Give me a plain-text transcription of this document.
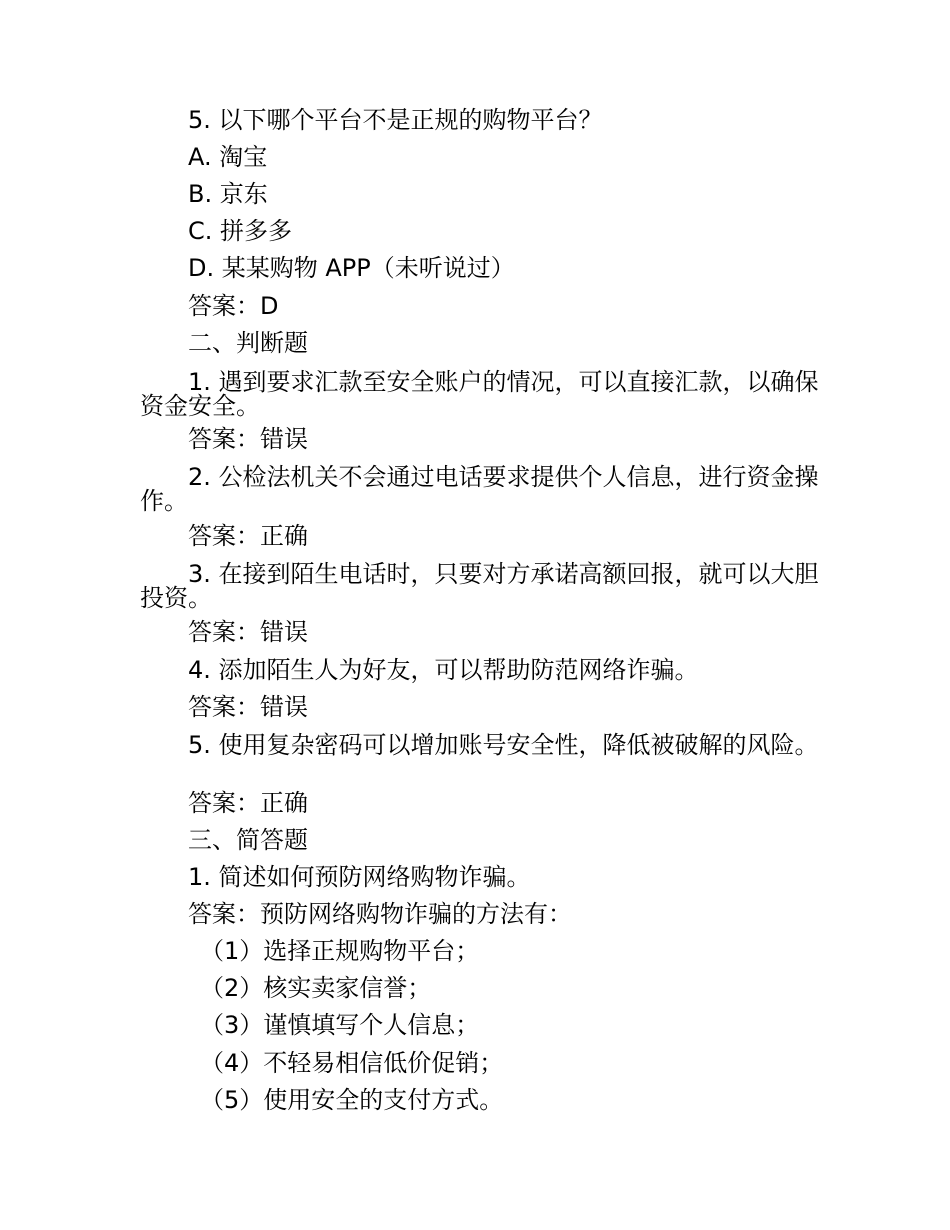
5. 以下哪个平台不是正规的购物平台？
A. 淘宝
B. 京东
C. 拼多多
D. 某某购物 APP（未听说过）
答案：D
二、判断题
1. 遇到要求汇款至安全账户的情况，可以直接汇款，以确保资金安全。
答案：错误
2. 公检法机关不会通过电话要求提供个人信息，进行资金操作。
答案：正确
3. 在接到陌生电话时，只要对方承诺高额回报，就可以大胆投资。
答案：错误
4. 添加陌生人为好友，可以帮助防范网络诈骗。
答案：错误
5. 使用复杂密码可以增加账号安全性，降低被破解的风险。
答案：正确
三、简答题
1. 简述如何预防网络购物诈骗。
答案：预防网络购物诈骗的方法有：
（1）选择正规购物平台；
（2）核实卖家信誉；
（3）谨慎填写个人信息；
（4）不轻易相信低价促销；
（5）使用安全的支付方式。
